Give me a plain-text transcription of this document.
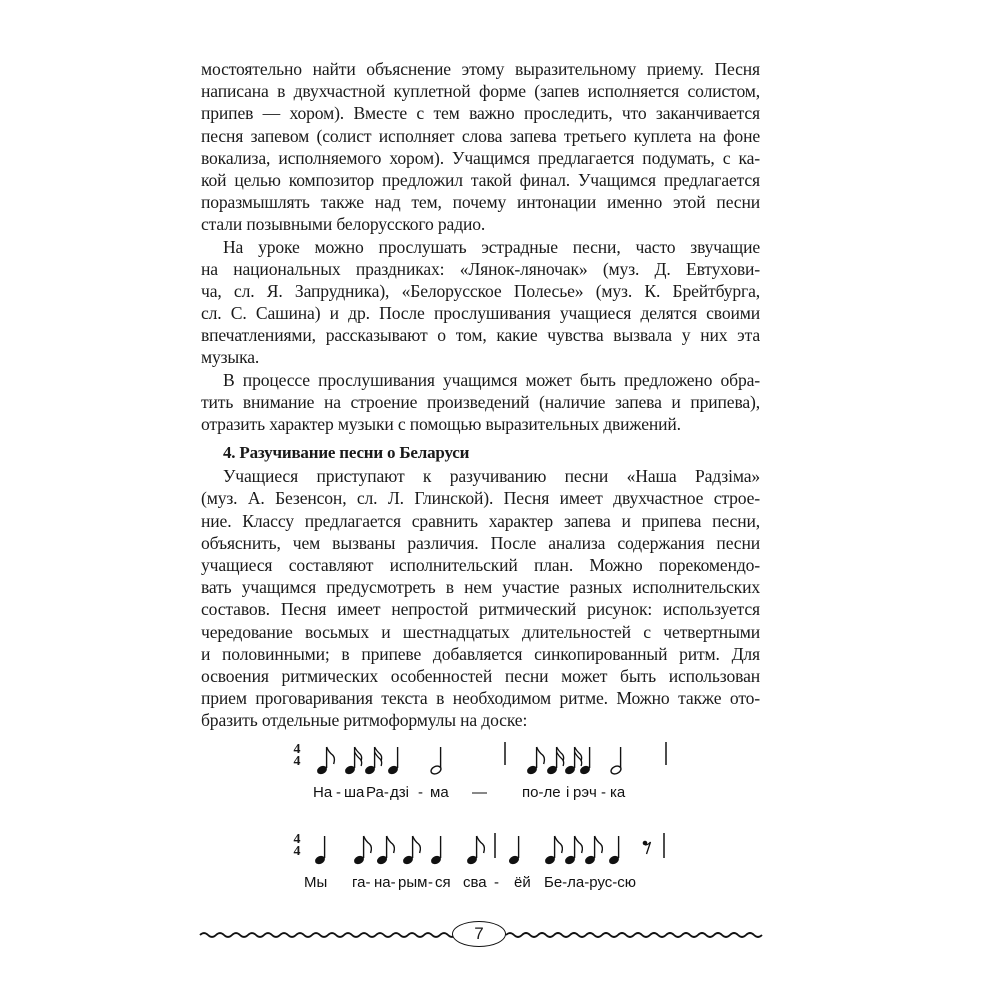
мостоятельно найти объяснение этому выразительному приему. Песня
написана в двухчастной куплетной форме (запев исполняется солистом,
припев — хором). Вместе с тем важно проследить, что заканчивается
песня запевом (солист исполняет слова запева третьего куплета на фоне
вокализа, исполняемого хором). Учащимся предлагается подумать, с ка-
кой целью композитор предложил такой финал. Учащимся предлагается
поразмышлять также над тем, почему интонации именно этой песни
стали позывными белорусского радио.
На уроке можно прослушать эстрадные песни, часто звучащие
на национальных праздниках: «Лянок-ляночак» (муз. Д. Евтухови-
ча, сл. Я. Запрудника), «Белорусское Полесье» (муз. К. Брейтбурга,
сл. С. Сашина) и др. После прослушивания учащиеся делятся своими
впечатлениями, рассказывают о том, какие чувства вызвала у них эта
музыка.
В процессе прослушивания учащимся может быть предложено обра-
тить внимание на строение произведений (наличие запева и припева),
отразить характер музыки с помощью выразительных движений.
4. Разучивание песни о Беларуси
Учащиеся приступают к разучиванию песни «Наша Радзіма»
(муз. А. Безенсон, сл. Л. Глинской). Песня имеет двухчастное строе-
ние. Классу предлагается сравнить характер запева и припева песни,
объяснить, чем вызваны различия. После анализа содержания песни
учащиеся составляют исполнительский план. Можно порекомендо-
вать учащимся предусмотреть в нем участие разных исполнительских
составов. Песня имеет непростой ритмический рисунок: используется
чередование восьмых и шестнадцатых длительностей с четвертными
и половинными; в припеве добавляется синкопированный ритм. Для
освоения ритмических особенностей песни может быть использован
прием проговаривания текста в необходимом ритме. Можно также ото-
бразить отдельные ритмоформулы на доске:
4
4
4
4
На - ша Ра- дзі - ма — по-ле і рэч - ка
Мы га- на- рым - ся сва - ёй Бе-ла-рус-сю
7
